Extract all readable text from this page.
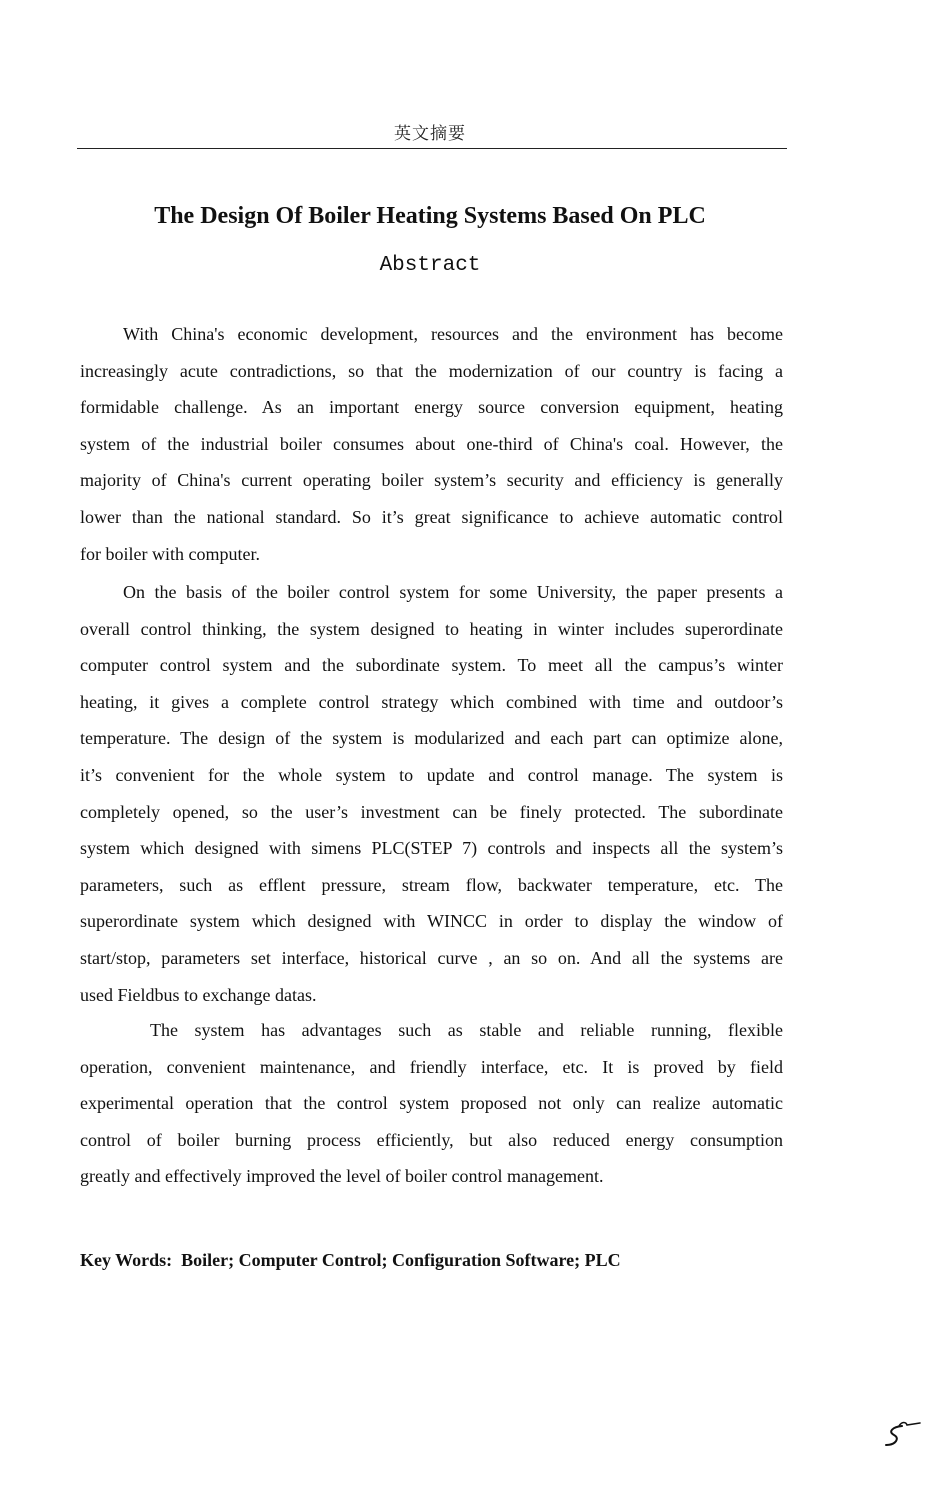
英文摘要
The Design Of Boiler Heating Systems Based On PLC
Abstract
With China's economic development, resources and the environment has become
increasingly acute contradictions, so that the modernization of our country is facing a
formidable challenge. As an important energy source conversion equipment, heating
system of the industrial boiler consumes about one-third of China's coal. However, the
majority of China's current operating boiler system’s security and efficiency is generally
lower than the national standard. So it’s great significance to achieve automatic control
for boiler with computer.
On the basis of the boiler control system for some University, the paper presents a
overall control thinking, the system designed to heating in winter includes superordinate
computer control system and the subordinate system. To meet all the campus’s winter
heating, it gives a complete control strategy which combined with time and outdoor’s
temperature. The design of the system is modularized and each part can optimize alone,
it’s convenient for the whole system to update and control manage. The system is
completely opened, so the user’s investment can be finely protected. The subordinate
system which designed with simens PLC(STEP 7) controls and inspects all the system’s
parameters, such as efflent pressure, stream flow, backwater temperature, etc. The
superordinate system which designed with WINCC in order to display the window of
start/stop, parameters set interface, historical curve , an so on. And all the systems are
used Fieldbus to exchange datas.
The system has advantages such as stable and reliable running, flexible
operation, convenient maintenance, and friendly interface, etc. It is proved by field
experimental operation that the control system proposed not only can realize automatic
control of boiler burning process efficiently, but also reduced energy consumption
greatly and effectively improved the level of boiler control management.
Key Words: Boiler; Computer Control; Configuration Software; PLC
